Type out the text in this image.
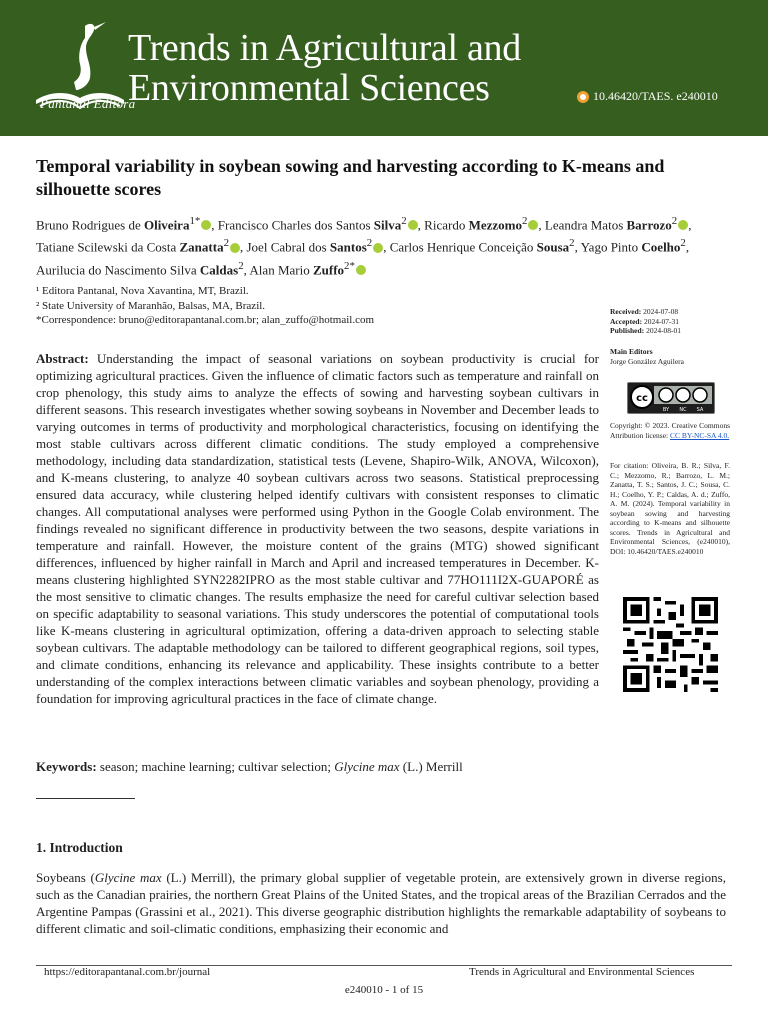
Trends in Agricultural and
Environmental Sciences
Pantanal Editora	10.46420/TAES. e240010
Temporal variability in soybean sowing and harvesting according to K-means and silhouette scores
Bruno Rodrigues de Oliveira$^{1*}$ , Francisco Charles dos Santos Silva$^2$ , Ricardo Mezzomo$^2$ , Leandra Matos Barrozo$^2$ , Tatiane Scilewski da Costa Zanatta$^2$ , Joel Cabral dos Santos$^2$ , Carlos Henrique Conceição Sousa$^2$, Yago Pinto Coelho$^2$, Auriluciа do Nascimento Silva Caldas$^2$, Alan Mario Zuffo$^{2*}$
¹ Editora Pantanal, Nova Xavantina, MT, Brazil.
² State University of Maranhão, Balsas, MA, Brazil.
*Correspondence: bruno@editorapantanal.com.br; alan_zuffo@hotmail.com
Received: 2024-07-08
Accepted: 2024-07-31
Published: 2024-08-01
Main Editors
Jorge González Aguilera
cc
BY NC SA
Copyright: © 2023. Creative Commons Attribution license: CC BY-NC-SA 4.0.
For citation: Oliveira, B. R.; Silva, F. C.; Mezzomo, R.; Barrozo, L. M.; Zanatta, T. S.; Santos, J. C.; Sousa, C. H.; Coelho, Y. P.; Caldas, A. d.; Zuffo, A. M. (2024). Temporal variability in soybean sowing and harvesting according to K-means and silhouette scores. Trends in Agricultural and Environmental Sciences, (e240010), DOI: 10.46420/TAES.e240010
Abstract: Understanding the impact of seasonal variations on soybean productivity is crucial for optimizing agricultural practices. Given the influence of climatic factors such as temperature and rainfall on crop phenology, this study aims to analyze the effects of sowing and harvesting soybean cultivars in different seasons. This research investigates whether sowing soybeans in November and December leads to varying outcomes in terms of productivity and morphological characteristics, focusing on identifying the most stable cultivars across different climatic conditions. The study employed a comprehensive methodology, including data standardization, statistical tests (Levene, Shapiro-Wilk, ANOVA, Wilcoxon), and K-means clustering, to analyze 40 soybean cultivars across two seasons. Statistical preprocessing ensured data accuracy, while clustering helped identify cultivars with consistent responses to climatic changes. All computational analyses were performed using Python in the Google Colab environment. The findings revealed no significant difference in productivity between the two seasons, despite variations in temperature and rainfall. However, the moisture content of the grains (MTG) showed significant differences, influenced by higher rainfall in March and April and increased temperatures in December. K-means clustering highlighted SYN2282IPRO as the most stable cultivar and 77HO111I2X-GUAPORÉ as the most sensitive to climatic changes. The results emphasize the need for careful cultivar selection based on specific adaptability to seasonal variations. This study underscores the potential of computational tools like K-means clustering in agricultural optimization, offering a data-driven approach to selecting stable soybean cultivars. The adaptable methodology can be tailored to different geographical regions, soil types, and climate conditions, enhancing its relevance and applicability. These insights contribute to a better understanding of the complex interactions between climatic variables and soybean phenology, providing a foundation for improving agricultural practices in the face of climate change.
Keywords: season; machine learning; cultivar selection; Glycine max (L.) Merrill
1. Introduction
Soybeans (Glycine max (L.) Merrill), the primary global supplier of vegetable protein, are extensively grown in diverse regions, such as the Canadian prairies, the northern Great Plains of the United States, and the tropical areas of the Brazilian Cerrados and the Argentine Pampas (Grassini et al., 2021). This diverse geographic distribution highlights the remarkable adaptability of soybeans to different climatic and soil-climatic conditions, emphasizing their economic and
https://editorapantanal.com.br/journal	Trends in Agricultural and Environmental Sciences
e240010 - 1 of 15
